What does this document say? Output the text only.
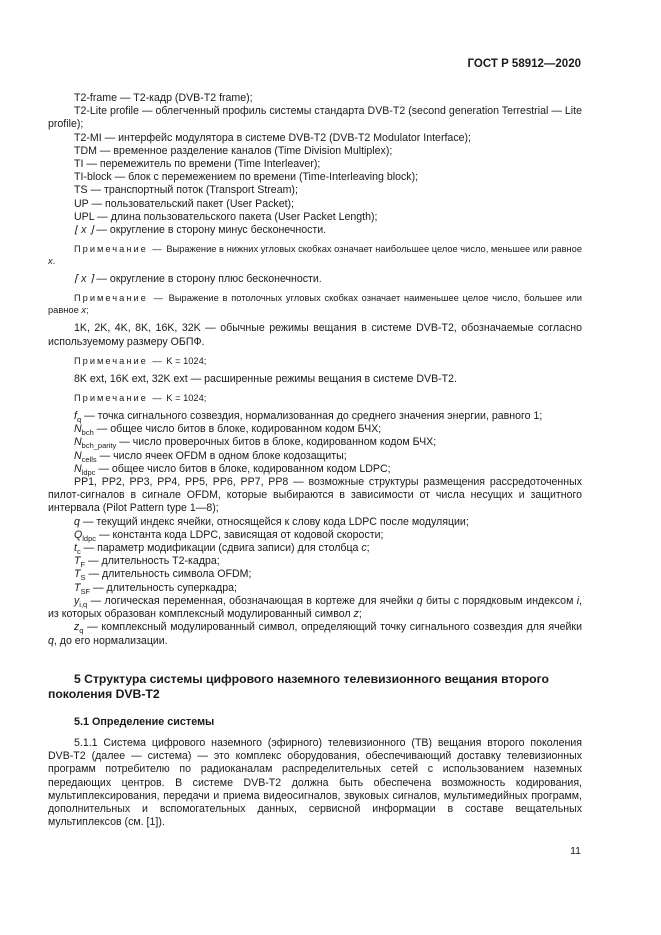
ГОСТ Р 58912—2020

T2-frame — T2-кадр (DVB-T2 frame);

T2-Lite profile — облегченный профиль системы стандарта DVB-T2 (second generation Terrestrial — Lite profile);

T2-MI — интерфейс модулятора в системе DVB-T2 (DVB-T2 Modulator Interface);

TDM — временное разделение каналов (Time Division Multiplex);

TI — перемежитель по времени (Time Interleaver);

TI-block — блок с перемежением по времени (Time-Interleaving block);

TS — транспортный поток (Transport Stream);

UP — пользовательский пакет (User Packet);

UPL — длина пользовательского пакета (User Packet Length);

⌊ x ⌋ — округление в сторону минус бесконечности.

Примечание — Выражение в нижних угловых скобках означает наибольшее целое число, меньшее или равное x.

⌈ x ⌉ — округление в сторону плюс бесконечности.

Примечание — Выражение в потолочных угловых скобках означает наименьшее целое число, большее или равное x;

1K, 2K, 4K, 8K, 16K, 32K — обычные режимы вещания в системе DVB-T2, обозначаемые согласно используемому размеру ОБПФ.

Примечание — K = 1024;

8K ext, 16K ext, 32K ext — расширенные режимы вещания в системе DVB-T2.

Примечание — K = 1024;

$f_q$ — точка сигнального созвездия, нормализованная до среднего значения энергии, равного 1;

$N_{bch}$ — общее число битов в блоке, кодированном кодом БЧХ;

$N_{bch\_parity}$ — число проверочных битов в блоке, кодированном кодом БЧХ;

$N_{cells}$ — число ячеек OFDM в одном блоке кодозащиты;

$N_{ldpc}$ — общее число битов в блоке, кодированном кодом LDPC;

PP1, PP2, PP3, PP4, PP5, PP6, PP7, PP8 — возможные структуры размещения рассредоточенных пилот-сигналов в сигнале OFDM, которые выбираются в зависимости от числа несущих и защитного интервала (Pilot Pattern type 1—8);

q — текущий индекс ячейки, относящейся к слову кода LDPC после модуляции;

$Q_{ldpc}$ — константа кода LDPC, зависящая от кодовой скорости;

$t_c$ — параметр модификации (сдвига записи) для столбца c;

$T_F$ — длительность T2-кадра;

$T_S$ — длительность символа OFDM;

$T_{SF}$ — длительность суперкадра;

$y_{i,q}$ — логическая переменная, обозначающая в кортеже для ячейки q биты с порядковым индексом i, из которых образован комплексный модулированный символ z;

$z_q$ — комплексный модулированный символ, определяющий точку сигнального созвездия для ячейки q, до его нормализации.

5 Структура системы цифрового наземного телевизионного вещания второго поколения DVB-T2
5.1 Определение системы

5.1.1 Система цифрового наземного (эфирного) телевизионного (ТВ) вещания второго поколения DVB-T2 (далее — система) — это комплекс оборудования, обеспечивающий доставку телевизионных программ потребителю по радиоканалам распределительных сетей с использованием наземных передающих центров. В системе DVB-T2 должна быть обеспечена возможность кодирования, мультиплексирования, передачи и приема видеосигналов, звуковых сигналов, мультимедийных программ, дополнительных и вспомогательных данных, сервисной информации в составе вещательных мультиплексов (см. [1]).

11
